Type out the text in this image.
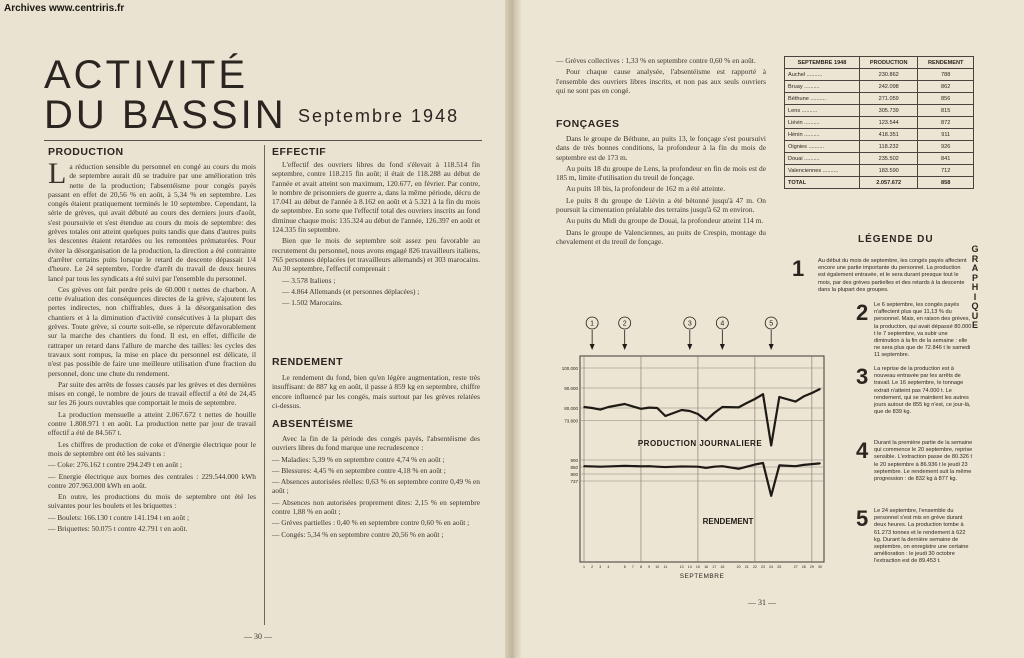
Archives www.centriris.fr
ACTIVITÉ
DU BASSIN Septembre 1948
PRODUCTION

La réduction sensible du personnel en congé au cours du mois de septembre aurait dû se traduire par une amélioration très nette de la production; l'absentéisme pour congés payés passant en effet de 20,56 % en août, à 5,34 % en septembre. Les congés étaient pratiquement terminés le 10 septembre. Cependant, la série de grèves, qui avait débuté au cours des derniers jours d'août, s'est poursuivie et s'est étendue au cours du mois de septembre: des grèves totales ont atteint quelques puits tandis que dans d'autres puits les descentes étaient retardées ou les remontées prématurées. Pour éviter la désorganisation de la production, la direction a été contrainte d'arrêter certains puits lorsque le retard de descente dépassait 1/4 d'heure. Le 24 septembre, l'ordre d'arrêt du travail de deux heures lancé par tous les syndicats a été suivi par l'ensemble du personnel.

Ces grèves ont fait perdre près de 60.000 t nettes de charbon. A cette évaluation des conséquences directes de la grève, s'ajoutent les pertes indirectes, non chiffrables, dues à la désorganisation des chantiers et à la diminution d'activité consécutives à la plupart des grèves. Toute grève, si courte soit-elle, se répercute défavorablement sur la marche des chantiers du fond. Il est, en effet, difficile de rattraper un retard dans l'allure de marche des tailles: les cycles des travaux sont rompus, la mise en place du personnel est délicate, il n'est pas possible de faire une meilleure utilisation d'une fraction du personnel, donc une chute du rendement.

Par suite des arrêts de fosses causés par les grèves et des dernières mises en congé, le nombre de jours de travail effectif a été de 24,45 sur les 26 jours ouvrables que comportait le mois de septembre.

La production mensuelle a atteint 2.067.672 t nettes de houille contre 1.808.971 t en août. La production nette par jour de travail effectif a été de 84.567 t.

Les chiffres de production de coke et d'énergie électrique pour le mois de septembre ont été les suivants :

— Coke: 276.162 t contre 294.249 t en août ;

— Energie électrique aux bornes des centrales : 229.544.000 kWh contre 207.963.000 kWh en août.

En outre, les productions du mois de septembre ont été les suivantes pour les boulets et les briquettes :

— Boulets: 166.130 t contre 141.194 t en août ;

— Briquettes: 50.075 t contre 42.791 t en août.

EFFECTIF

L'effectif des ouvriers libres du fond s'élevait à 118.514 fin septembre, contre 118.215 fin août; il était de 118.288 au début de l'année et avait atteint son maximum, 120.677, en février. Par contre, le nombre de prisonniers de guerre a, dans la même période, décru de 17.041 au début de l'année à 8.162 en août et à 5.321 à la fin du mois de septembre. En sorte que l'effectif total des ouvriers inscrits au fond diminue chaque mois: 135.324 au début de l'année, 126.397 en août et 124.335 fin septembre.

Bien que le mois de septembre soit assez peu favorable au recrutement du personnel, nous avons engagé 826 travailleurs italiens, 765 personnes déplacées (et travailleurs allemands) et 303 marocains. Au 30 septembre, l'effectif comprenait :

— 3.578 Italiens ;

— 4.864 Allemands (et personnes déplacées) ;

— 1.502 Marocains.

RENDEMENT

Le rendement du fond, bien qu'en légère augmentation, reste très insuffisant: de 887 kg en août, il passe à 859 kg en septembre, chiffre encore influencé par les congés, mais surtout par les grèves relatées ci-dessus.

ABSENTÉISME

Avec la fin de la période des congés payés, l'absentéisme des ouvriers libres du fond marque une recrudescence :

— Maladies: 5,39 % en septembre contre 4,74 % en août ;

— Blessures: 4,45 % en septembre contre 4,18 % en août ;

— Absences autorisées réelles: 0,63 % en septembre contre 0,49 % en août ;

— Absences non autorisées proprement dites: 2,15 % en septembre contre 1,88 % en août ;

— Grèves partielles : 0,40 % en septembre contre 0,60 % en août ;

— Congés: 5,34 % en septembre contre 20,56 % en août ;

— 30 —

— Grèves collectives : 1,33 % en septembre contre 0,60 % en août.

Pour chaque cause analysée, l'absentéisme est rapporté à l'ensemble des ouvriers libres inscrits, et non pas aux seuls ouvriers qui ne sont pas en congé.

FONÇAGES

Dans le groupe de Béthune, au puits 13, le fonçage s'est poursuivi dans de très bonnes conditions, la profondeur à la fin du mois de septembre est de 173 m.

Au puits 18 du groupe de Lens, la profondeur en fin de mois est de 185 m, limite d'utilisation du treuil de fonçage.

Au puits 18 bis, la profondeur de 162 m a été atteinte.

Le puits 8 du groupe de Liévin a été bétonné jusqu'à 47 m. On poursuit la cimentation préalable des terrains jusqu'à 62 m environ.

Au puits du Midi du groupe de Douai, la profondeur atteint 114 m.

Dans le groupe de Valenciennes, au puits de Crespin, montage du chevalement et du treuil de fonçage.

SEPTEMBRE 1948	PRODUCTION	RENDEMENT
Auchel ..........	230.862	788
Bruay ..........	242.098	862
Béthune ..........	271.059	856
Lens ..........	305.739	815
Liévin ..........	123.544	872
Hénin ..........	418.351	911
Oignies ..........	118.232	926
Douai ..........	235.502	841
Valenciennes ..........	183.590	712
TOTAL	2.057.672	858
LÉGENDE DU
G
R
A
P
H
I
Q
U
E
1 Au début du mois de septembre, les congés payés affectent encore une partie importante du personnel. La production est également entravée, et le sera durant presque tout le mois, par des grèves partielles et des retards à la descente dans la plupart des groupes.
2 Le 6 septembre, les congés payés n'affectent plus que 11,13 % du personnel. Mais, en raison des grèves, la production, qui avait dépassé 80.000 t le 7 septembre, va subir une diminution à la fin de la semaine : elle ne sera plus que de 72.846 t le samedi 11 septembre.
3 La reprise de la production est à nouveau entravée par les arrêts de travail. Le 16 septembre, le tonnage extrait n'atteint pas 74.000 t. Le rendement, qui se maintient les autres jours autour de 855 kg n'est, ce jour-là, que de 839 kg.
4 Durant la première partie de la semaine qui commence le 20 septembre, reprise sensible. L'extraction passe de 80.326 t le 20 septembre à 86.936 t le jeudi 23 septembre. Le rendement suit la même progression : de 832 kg à 877 kg.
5 Le 24 septembre, l'ensemble du personnel s'est mis en grève durant deux heures. La production tombe à 61.273 tonnes et le rendement à 622 kg. Durant la dernière semaine de septembre, on enregistre une certaine amélioration : le jeudi 30 octobre l'extraction est de 89.453 t.
100.000
90.000
80.000
73.800
900
850
800
737
PRODUCTION JOURNALIERE
RENDEMENT
1 2 3 4	6 7 8 9 10 11	13 14 15 16 17 18	20 21 22 23 24 25	27 28 29 30
SEPTEMBRE
1	2	3	4	5
— 31 —
